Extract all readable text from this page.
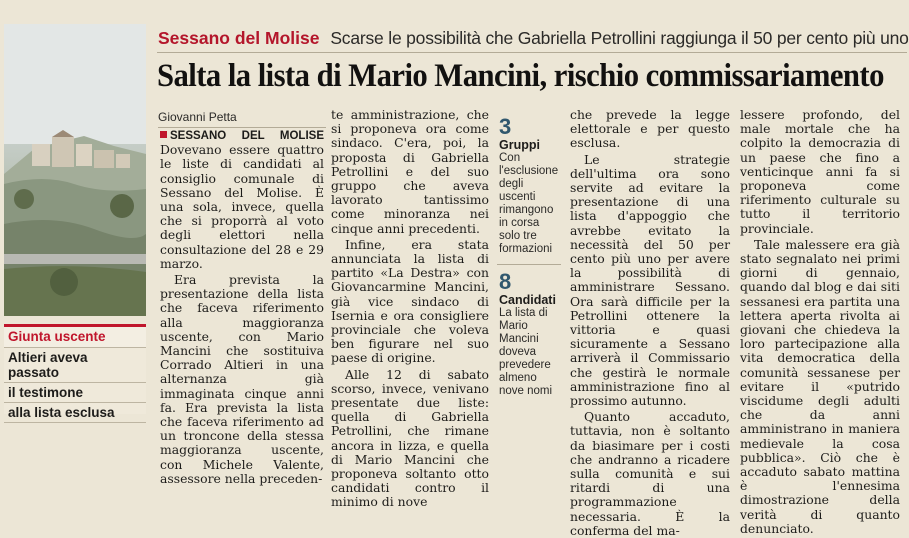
Giunta uscente
Altieri aveva passato
il testimone
alla lista esclusa
Sessano del Molise Scarse le possibilità che Gabriella Petrollini raggiunga il 50 per cento più uno
Salta la lista di Mario Mancini, rischio commissariamento
Giovanni Petta

SESSANO DEL MOLISE Dovevano essere quattro le liste di candidati al consiglio comunale di Sessano del Molise. È una sola, invece, quella che si proporrà al voto degli elettori nella consultazione del 28 e 29 marzo.

Era prevista la presentazione della lista che faceva riferimento alla maggioranza uscente, con Mario Mancini che sostituiva Corrado Altieri in una alternanza già immaginata cinque anni fa. Era prevista la lista che faceva riferimento ad un troncone della stessa maggioranza uscente, con Michele Valente, assessore nella preceden-

te amministrazione, che si proponeva ora come sindaco. C'era, poi, la proposta di Gabriella Petrollini e del suo gruppo che aveva lavorato tantissimo come minoranza nei cinque anni precedenti.

Infine, era stata annunciata la lista di partito «La Destra» con Giovancarmine Mancini, già vice sindaco di Isernia e ora consigliere provinciale che voleva ben figurare nel suo paese di origine.

Alle 12 di sabato scorso, invece, venivano presentate due liste: quella di Gabriella Petrollini, che rimane ancora in lizza, e quella di Mario Mancini che proponeva soltanto otto candidati contro il minimo di nove

3
Gruppi
Con l'esclusione degli uscenti rimangono in corsa solo tre formazioni
8
Candidati
La lista di Mario Mancini doveva prevedere almeno nove nomi

che prevede la legge elettorale e per questo esclusa.

Le strategie dell'ultima ora sono servite ad evitare la presentazione di una lista d'appoggio che avrebbe evitato la necessità del 50 per cento più uno per avere la possibilità di amministrare Sessano. Ora sarà difficile per la Petrollini ottenere la vittoria e quasi sicuramente a Sessano arriverà il Commissario che gestirà le normale amministrazione fino al prossimo autunno.

Quanto accaduto, tuttavia, non è soltanto da biasimare per i costi che andranno a ricadere sulla comunità e sui ritardi di una programmazione necessaria. È la conferma del ma-

lessere profondo, del male mortale che ha colpito la democrazia di un paese che fino a venticinque anni fa si proponeva come riferimento culturale su tutto il territorio provinciale.

Tale malessere era già stato segnalato nei primi giorni di gennaio, quando dal blog e dai siti sessanesi era partita una lettera aperta rivolta ai giovani che chiedeva la loro partecipazione alla vita democratica della comunità sessanese per evitare il «putrido viscidume degli adulti che da anni amministrano in maniera medievale la cosa pubblica». Ciò che è accaduto sabato mattina è l'ennesima dimostrazione della verità di quanto denunciato.
